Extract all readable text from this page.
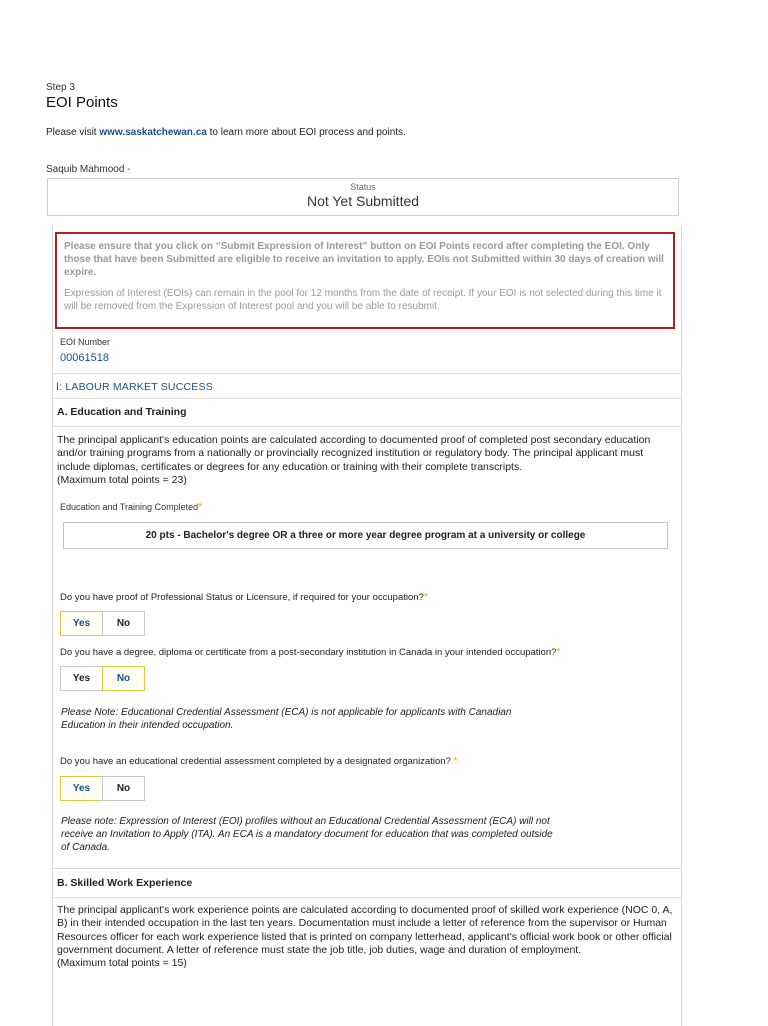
Step 3
EOI Points
Please visit www.saskatchewan.ca to learn more about EOI process and points.
Saquib Mahmood -
Status
Not Yet Submitted
Please ensure that you click on “Submit Expression of Interest” button on EOI Points record after completing the EOI. Only those that have been Submitted are eligible to receive an invitation to apply. EOIs not Submitted within 30 days of creation will expire.
Expression of Interest (EOIs) can remain in the pool for 12 months from the date of receipt. If your EOI is not selected during this time it will be removed from the Expression of Interest pool and you will be able to resubmit.
EOI Number
00061518
I: LABOUR MARKET SUCCESS
A. Education and Training
The principal applicant's education points are calculated according to documented proof of completed post secondary education and/or training programs from a nationally or provincially recognized institution or regulatory body. The principal applicant must include diplomas, certificates or degrees for any education or training with their complete transcripts.
(Maximum total points = 23)
Education and Training Completed*
20 pts - Bachelor's degree OR a three or more year degree program at a university or college
Do you have proof of Professional Status or Licensure, if required for your occupation?*
Yes	No
Do you have a degree, diploma or certificate from a post-secondary institution in Canada in your intended occupation?*
Yes	No
Please Note: Educational Credential Assessment (ECA) is not applicable for applicants with Canadian
Education in their intended occupation.
Do you have an educational credential assessment completed by a designated organization? *
Yes	No
Please note: Expression of Interest (EOI) profiles without an Educational Credential Assessment (ECA) will not
receive an Invitation to Apply (ITA). An ECA is a mandatory document for education that was completed outside
of Canada.
B. Skilled Work Experience
The principal applicant's work experience points are calculated according to documented proof of skilled work experience (NOC 0, A, B) in their intended occupation in the last ten years. Documentation must include a letter of reference from the supervisor or Human Resources officer for each work experience listed that is printed on company letterhead, applicant's official work book or other official government document. A letter of reference must state the job title, job duties, wage and duration of employment.
(Maximum total points = 15)
